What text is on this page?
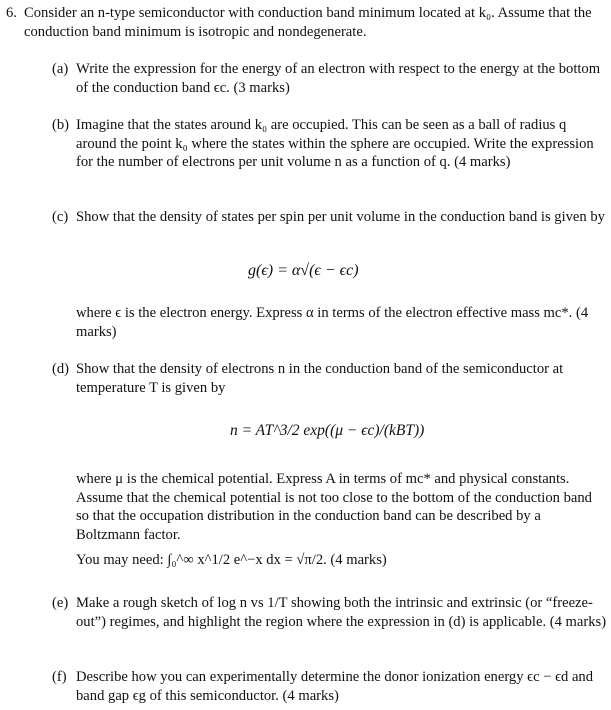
6. Consider an n-type semiconductor with conduction band minimum located at k₀. Assume that the conduction band minimum is isotropic and nondegenerate.

(a) Write the expression for the energy of an electron with respect to the energy at the bottom of the conduction band ϵc. (3 marks)

(b) Imagine that the states around k₀ are occupied. This can be seen as a ball of radius q around the point k₀ where the states within the sphere are occupied. Write the expression for the number of electrons per unit volume n as a function of q. (4 marks)

(c) Show that the density of states per spin per unit volume in the conduction band is given by

g(ϵ) = α√(ϵ − ϵc)

where ϵ is the electron energy. Express α in terms of the electron effective mass mc*. (4 marks)

(d) Show that the density of electrons n in the conduction band of the semiconductor at temperature T is given by

n = AT^3/2 exp((μ − ϵc)/(kBT))

where μ is the chemical potential. Express A in terms of mc* and physical constants. Assume that the chemical potential is not too close to the bottom of the conduction band so that the occupation distribution in the conduction band can be described by a Boltzmann factor.

You may need: ∫₀^∞ x^1/2 e^−x dx = √π/2. (4 marks)

(e) Make a rough sketch of log n vs 1/T showing both the intrinsic and extrinsic (or “freeze-out”) regimes, and highlight the region where the expression in (d) is applicable. (4 marks)

(f) Describe how you can experimentally determine the donor ionization energy ϵc − ϵd and band gap ϵg of this semiconductor. (4 marks)
